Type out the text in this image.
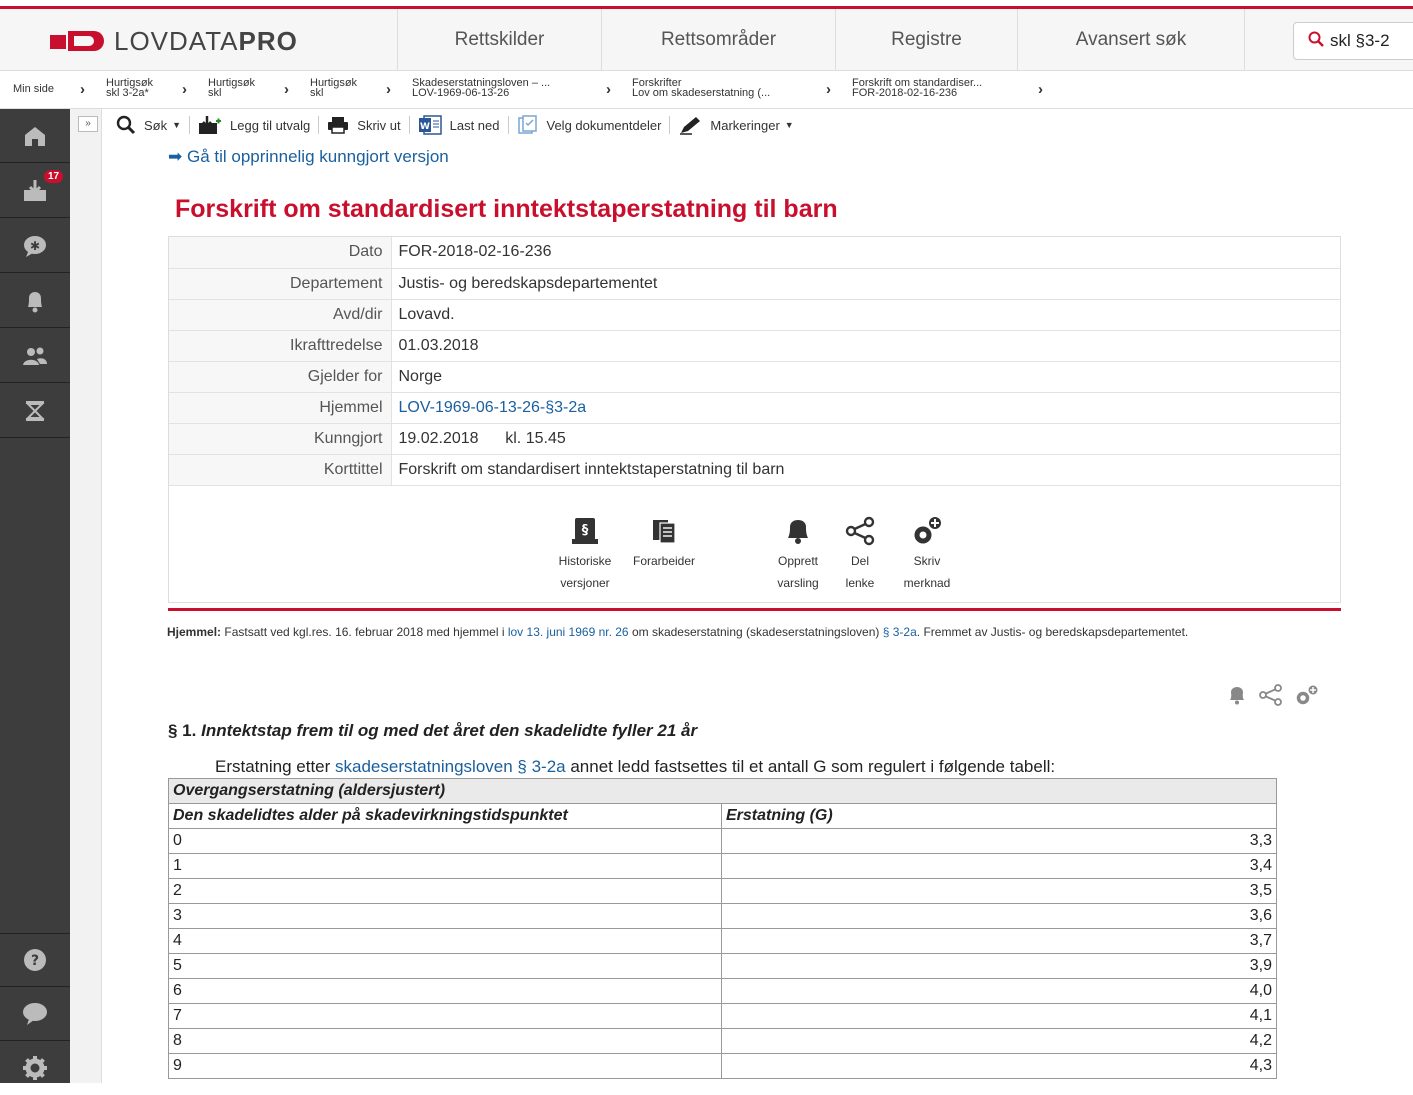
LOVDATAPRO	Rettskilder	Rettsområder	Registre	Avansert søk	skl §3-2
Min side › Hurtigsøk
skl 3-2a* › Hurtigsøk
skl	› Hurtigsøk
skl	› Skadeserstatningsloven – ...
LOV-1969-06-13-26	› Forskrifter
Lov om skadeserstatning (...	› Forskrift om standardiser...
FOR-2018-02-16-236	›
17
✱
?
»	Søk ▼	Legg til utvalg	Skriv ut W Last ned	Velg dokumentdeler	Markeringer ▼
➡ Gå til opprinnelig kunngjort versjon
Forskrift om standardisert inntektstaperstatning til barn
Dato	FOR-2018-02-16-236
Departement	Justis- og beredskapsdepartementet
Avd/dir	Lovavd.
Ikrafttredelse	01.03.2018
Gjelder for	Norge
Hjemmel	LOV-1969-06-13-26-§3-2a
Kunngjort	19.02.2018      kl. 15.45
Korttittel	Forskrift om standardisert inntektstaperstatning til barn
§
Historiske
versjoner
Forarbeider	Opprett
varsling
Del
lenke
Skriv
merknad
Hjemmel: Fastsatt ved kgl.res. 16. februar 2018 med hjemmel i lov 13. juni 1969 nr. 26 om skadeserstatning (skadeserstatningsloven) § 3-2a. Fremmet av Justis- og beredskapsdepartementet.
§ 1. Inntektstap frem til og med det året den skadelidte fyller 21 år
Erstatning etter skadeserstatningsloven § 3-2a annet ledd fastsettes til et antall G som regulert i følgende tabell:
Overgangserstatning (aldersjustert)	
Den skadelidtes alder på skadevirkningstidspunktet	Erstatning (G)
0	3,3
1	3,4
2	3,5
3	3,6
4	3,7
5	3,9
6	4,0
7	4,1
8	4,2
9	4,3
